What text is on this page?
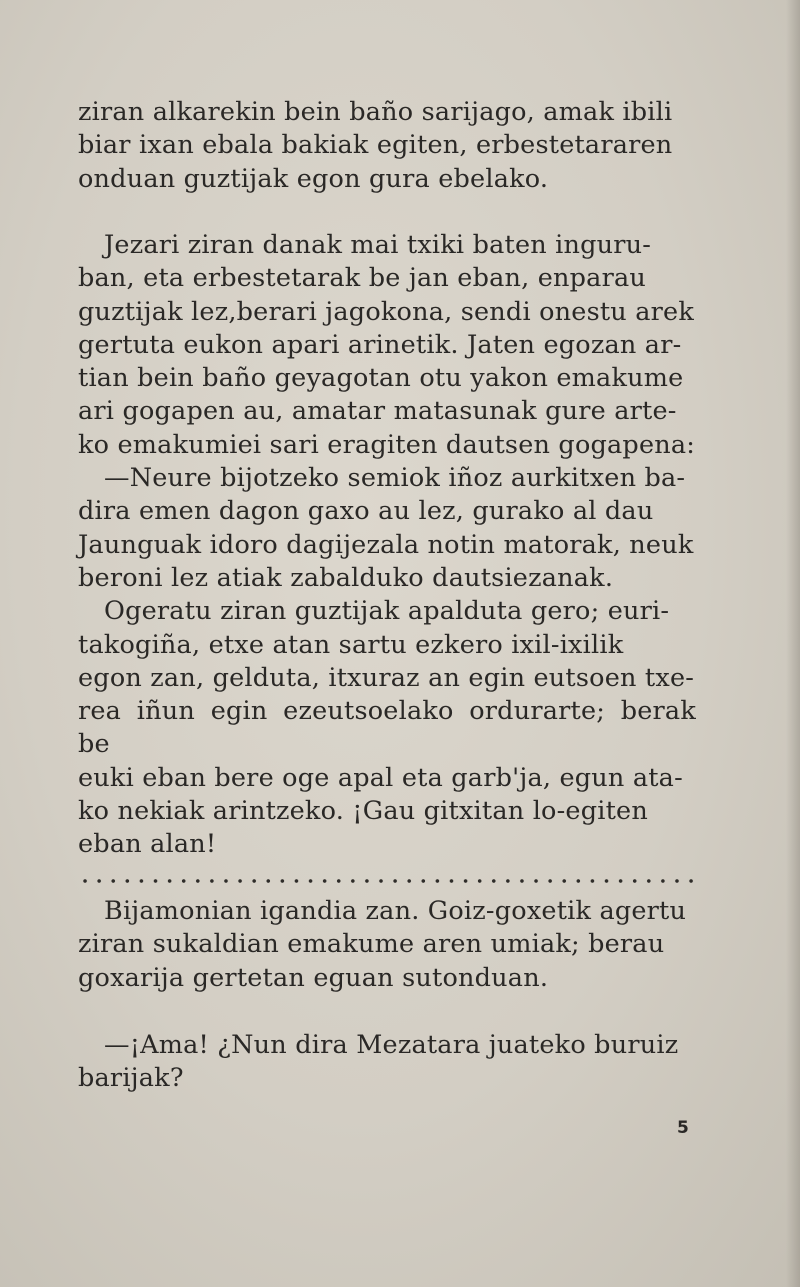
ziran alkarekin bein baño sarijago, amak ibili

biar ixan ebala bakiak egiten, erbestetararen

onduan guztijak egon gura ebelako.

Jezari ziran danak mai txiki baten inguru-

ban, eta erbestetarak be jan eban, enparau

guztijak lez,berari jagokona, sendi onestu arek

gertuta eukon apari arinetik. Jaten egozan ar-

tian bein baño geyagotan otu yakon emakume

ari gogapen au, amatar matasunak gure arte-

ko emakumiei sari eragiten dautsen gogapena:

—Neure bijotzeko semiok iñoz aurkitxen ba-

dira emen dagon gaxo au lez, gurako al dau

Jaunguak idoro dagijezala notin matorak, neuk

beroni lez atiak zabalduko dautsiezanak.

Ogeratu ziran guztijak apalduta gero; euri-

takogiña, etxe atan sartu ezkero ixil-ixilik

egon zan, gelduta, itxuraz an egin eutsoen txe-

rea iñun egin ezeutsoelako ordurarte; berak be

euki eban bere oge apal eta garb'ja, egun ata-

ko nekiak arintzeko. ¡Gau gitxitan lo-egiten

eban alan!

Bijamonian igandia zan. Goiz-goxetik agertu

ziran sukaldian emakume aren umiak; berau

goxarija gertetan eguan sutonduan.

—¡Ama! ¿Nun dira Mezatara juateko buruiz

barijak?

5
